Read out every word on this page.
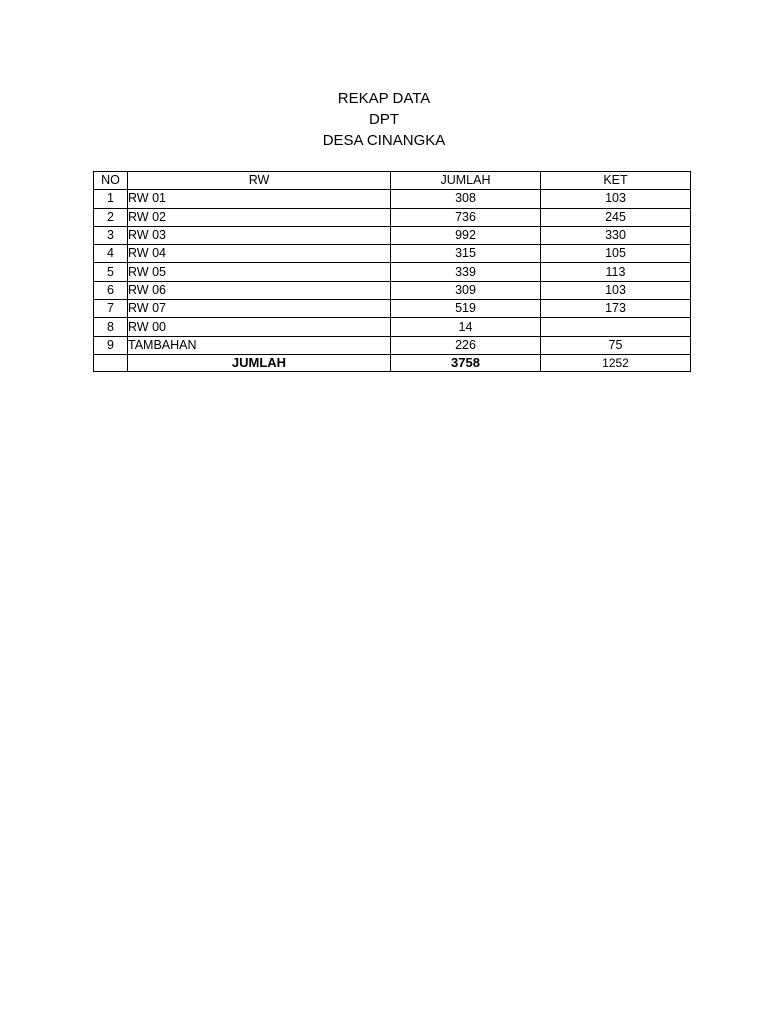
REKAP DATA
DPT
DESA CINANGKA
NO	RW	JUMLAH	KET
1	RW 01	308	103
2	RW 02	736	245
3	RW 03	992	330
4	RW 04	315	105
5	RW 05	339	113
6	RW 06	309	103
7	RW 07	519	173
8	RW 00	14	
9	TAMBAHAN	226	75
	JUMLAH	3758	1252
